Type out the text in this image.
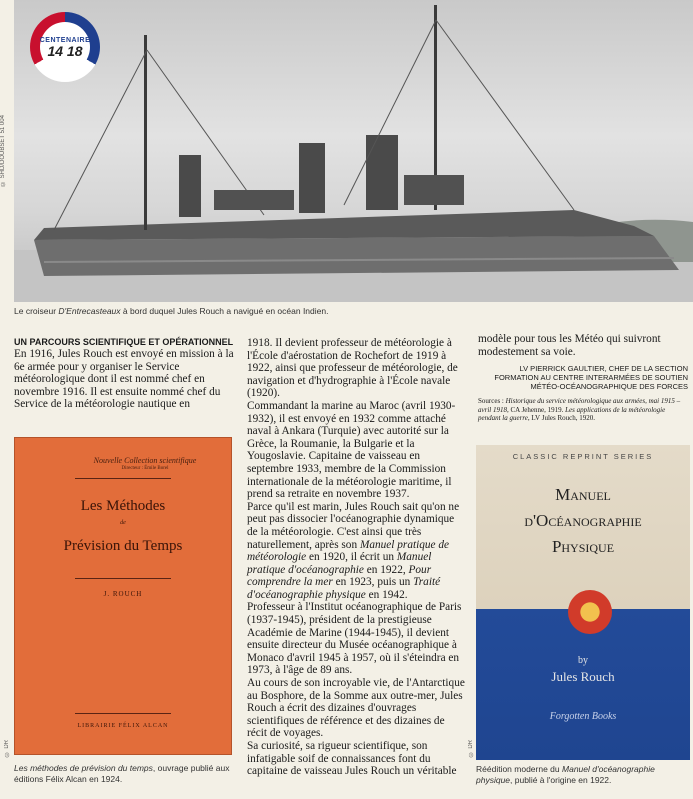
© SHD/DOUBSET 51 004
CENTENAIRE
14 18
Le croiseur D'Entrecasteaux à bord duquel Jules Rouch a navigué en océan Indien.
UN PARCOURS SCIENTIFIQUE ET OPÉRATIONNEL

En 1916, Jules Rouch est envoyé en mission à la 6e armée pour y organiser le Service météorologique dont il est nommé chef en novembre 1916. Il est ensuite nommé chef du Service de la météorologie nautique en

Nouvelle Collection scientifique
Directeur : Émile Borel
Les Méthodes
de
Prévision du Temps
J. ROUCH
LIBRAIRIE FÉLIX ALCAN
© DR
Les méthodes de prévision du temps, ouvrage publié aux éditions Félix Alcan en 1924.

1918. Il devient professeur de météorologie à l'École d'aérostation de Rochefort de 1919 à 1922, ainsi que professeur de météorologie, de navigation et d'hydrographie à l'École navale (1920).

Commandant la marine au Maroc (avril 1930-1932), il est envoyé en 1932 comme attaché naval à Ankara (Turquie) avec autorité sur la Grèce, la Roumanie, la Bulgarie et la Yougoslavie. Capitaine de vaisseau en septembre 1933, membre de la Commission internationale de la météorologie maritime, il prend sa retraite en novembre 1937.

Parce qu'il est marin, Jules Rouch sait qu'on ne peut pas dissocier l'océanographie dynamique de la météorologie. C'est ainsi que très naturellement, après son Manuel pratique de météorologie en 1920, il écrit un Manuel pratique d'océanographie en 1922, Pour comprendre la mer en 1923, puis un Traité d'océanographie physique en 1942.

Professeur à l'Institut océanographique de Paris (1937-1945), président de la prestigieuse Académie de Marine (1944-1945), il devient ensuite directeur du Musée océanographique à Monaco d'avril 1945 à 1957, où il s'éteindra en 1973, à l'âge de 89 ans.

Au cours de son incroyable vie, de l'Antarctique au Bosphore, de la Somme aux outre-mer, Jules Rouch a écrit des dizaines d'ouvrages scientifiques de référence et des dizaines de récit de voyages.

Sa curiosité, sa rigueur scientifique, son infatigable soif de connaissances font du capitaine de vaisseau Jules Rouch un véritable

modèle pour tous les Météo qui suivront modestement sa voie.

LV PIERRICK GAULTIER, CHEF DE LA SECTION FORMATION AU CENTRE INTERARMÉES DE SOUTIEN MÉTÉO-OCÉANOGRAPHIQUE DES FORCES
Sources : Historique du service météorologique aux armées, mai 1915 – avril 1918, CA Jehenne, 1919. Les applications de la météorologie pendant la guerre, LV Jules Rouch, 1920.
CLASSIC REPRINT SERIES
Manuel
d'Océanographie
Physique
by
Jules Rouch
Forgotten Books
© DR
Réédition moderne du Manuel d'océanographie physique, publié à l'origine en 1922.
